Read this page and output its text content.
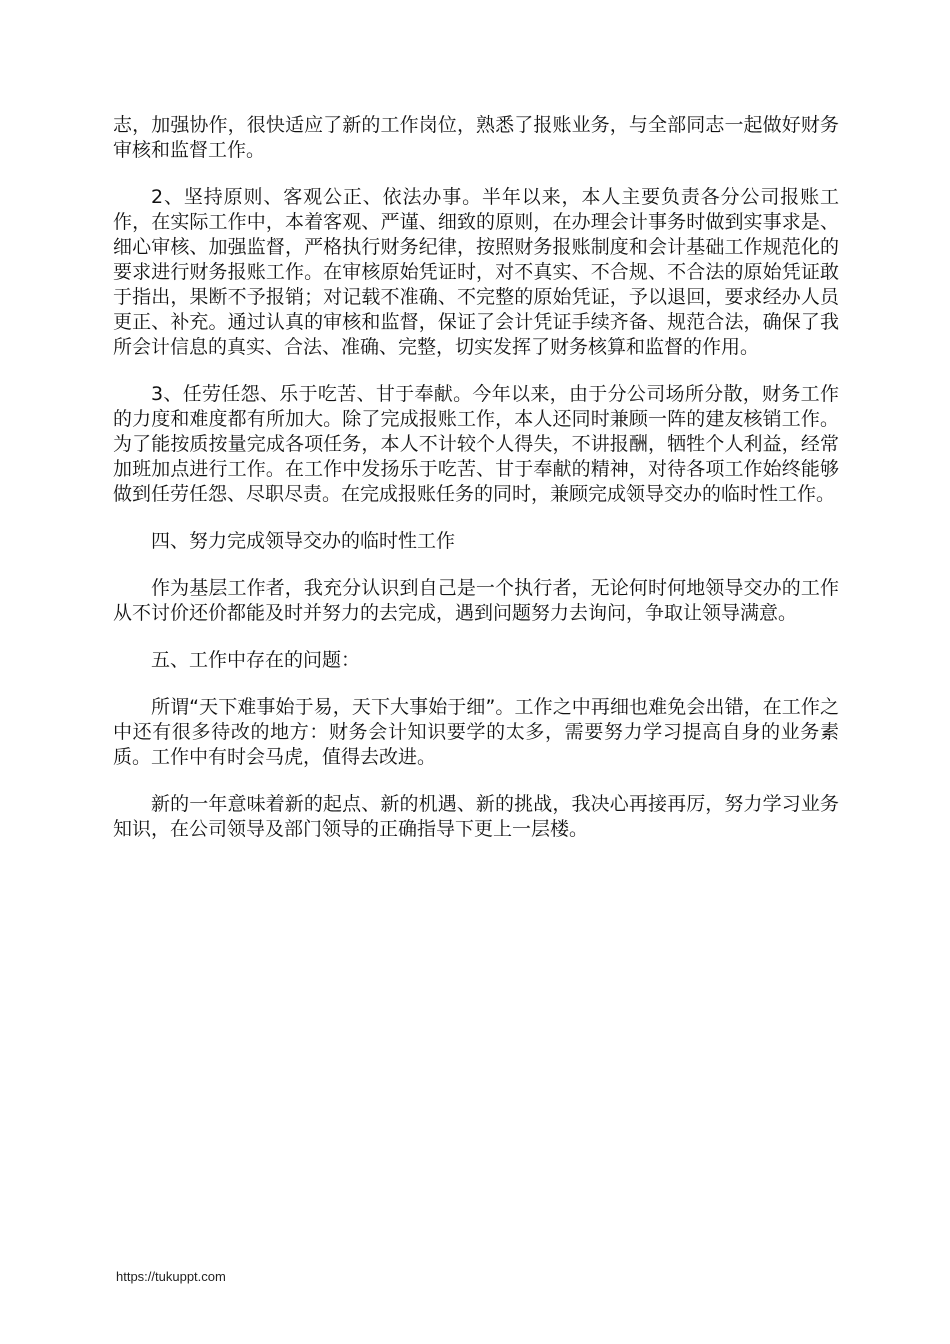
志，加强协作，很快适应了新的工作岗位，熟悉了报账业务，与全部同志一起做好财务审核和监督工作。

2、坚持原则、客观公正、依法办事。半年以来，本人主要负责各分公司报账工作，在实际工作中，本着客观、严谨、细致的原则，在办理会计事务时做到实事求是、细心审核、加强监督，严格执行财务纪律，按照财务报账制度和会计基础工作规范化的要求进行财务报账工作。在审核原始凭证时，对不真实、不合规、不合法的原始凭证敢于指出，果断不予报销；对记载不准确、不完整的原始凭证，予以退回，要求经办人员更正、补充。通过认真的审核和监督，保证了会计凭证手续齐备、规范合法，确保了我所会计信息的真实、合法、准确、完整，切实发挥了财务核算和监督的作用。

3、任劳任怨、乐于吃苦、甘于奉献。今年以来，由于分公司场所分散，财务工作的力度和难度都有所加大。除了完成报账工作，本人还同时兼顾一阵的建友核销工作。为了能按质按量完成各项任务，本人不计较个人得失，不讲报酬，牺牲个人利益，经常加班加点进行工作。在工作中发扬乐于吃苦、甘于奉献的精神，对待各项工作始终能够做到任劳任怨、尽职尽责。在完成报账任务的同时，兼顾完成领导交办的临时性工作。

四、努力完成领导交办的临时性工作

作为基层工作者，我充分认识到自己是一个执行者，无论何时何地领导交办的工作从不讨价还价都能及时并努力的去完成，遇到问题努力去询问，争取让领导满意。

五、工作中存在的问题：

所谓“天下难事始于易，天下大事始于细”。工作之中再细也难免会出错，在工作之中还有很多待改的地方：财务会计知识要学的太多，需要努力学习提高自身的业务素质。工作中有时会马虎，值得去改进。

新的一年意味着新的起点、新的机遇、新的挑战，我决心再接再厉，努力学习业务知识，在公司领导及部门领导的正确指导下更上一层楼。

https://tukuppt.com
